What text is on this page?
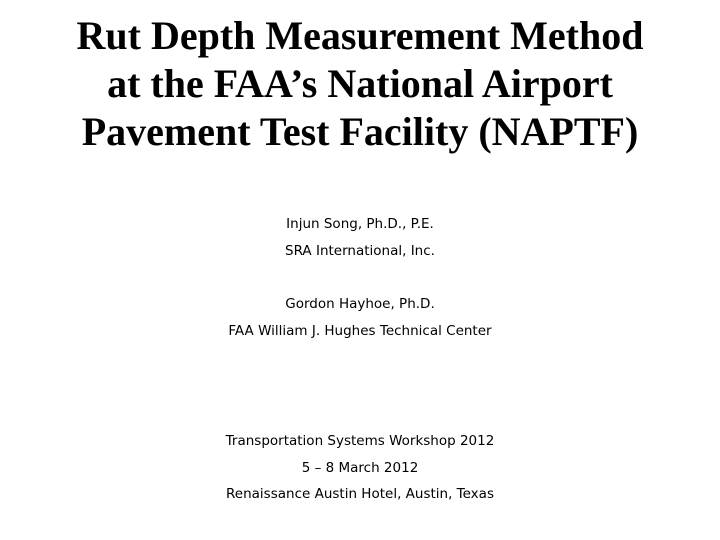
Rut Depth Measurement Method
at the FAA’s National Airport
Pavement Test Facility (NAPTF)
Injun Song, Ph.D., P.E.
SRA International, Inc.
Gordon Hayhoe, Ph.D.
FAA William J. Hughes Technical Center
Transportation Systems Workshop 2012
5 – 8 March 2012
Renaissance Austin Hotel, Austin, Texas
